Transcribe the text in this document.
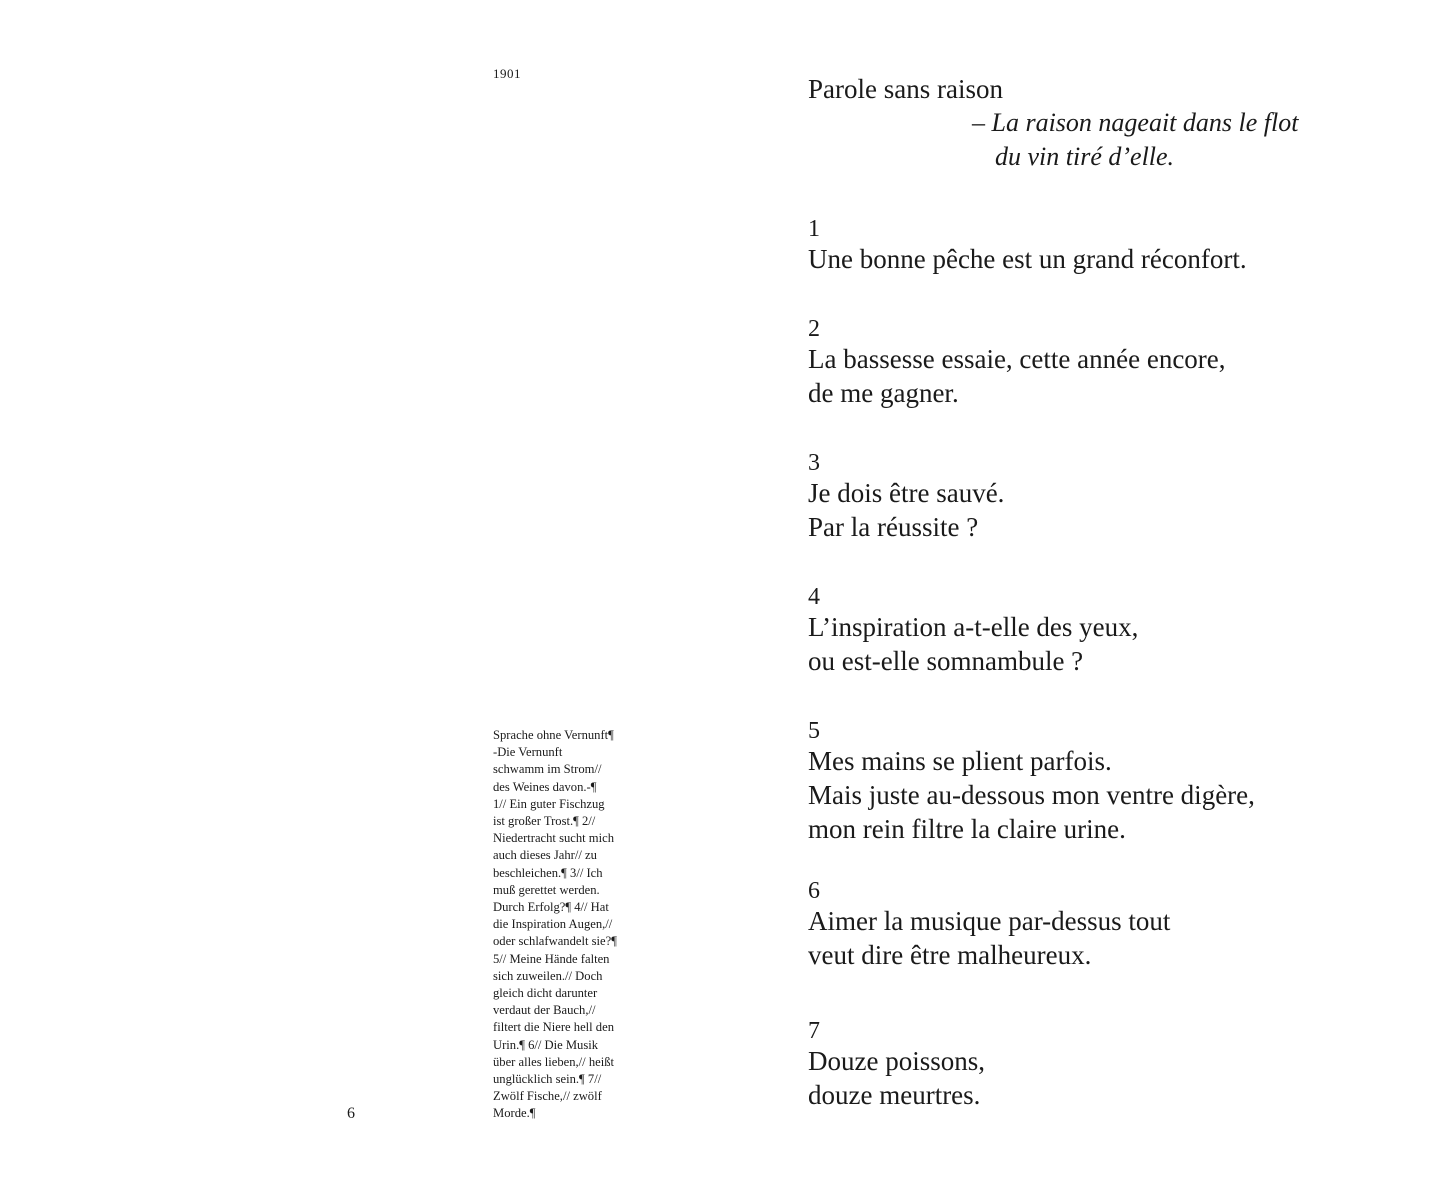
1901
Sprache ohne Vernunft¶
-Die Vernunft
schwamm im Strom//
des Weines davon.-¶
1// Ein guter Fischzug
ist großer Trost.¶ 2//
Niedertracht sucht mich
auch dieses Jahr// zu
beschleichen.¶ 3// Ich
muß gerettet werden.
Durch Erfolg?¶ 4// Hat
die Inspiration Augen,//
oder schlafwandelt sie?¶
5// Meine Hände falten
sich zuweilen.// Doch
gleich dicht darunter
verdaut der Bauch,//
filtert die Niere hell den
Urin.¶ 6// Die Musik
über alles lieben,// heißt
unglücklich sein.¶ 7//
Zwölf Fische,// zwölf
Morde.¶
6
Parole sans raison
– La raison nageait dans le flot
du vin tiré d’elle.
1
Une bonne pêche est un grand réconfort.
2
La bassesse essaie, cette année encore,
de me gagner.
3
Je dois être sauvé.
Par la réussite ?
4
L’inspiration a-t-elle des yeux,
ou est-elle somnambule ?
5
Mes mains se plient parfois.
Mais juste au-dessous mon ventre digère,
mon rein filtre la claire urine.
6
Aimer la musique par-dessus tout
veut dire être malheureux.
7
Douze poissons,
douze meurtres.
